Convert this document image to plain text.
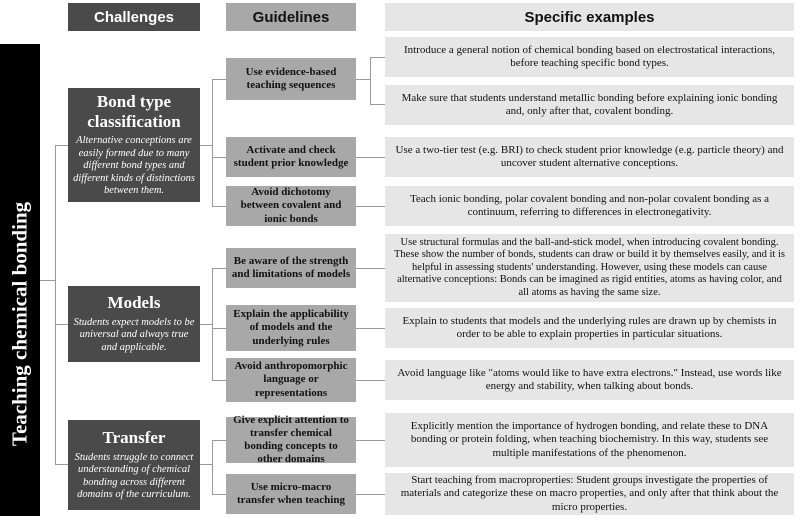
Challenges	Guidelines	Specific examples
Teaching chemical bonding
Bond type classification
Alternative conceptions are easily formed due to many different bond types and different kinds of distinctions between them.
Models
Students expect models to be universal and always true and applicable.
Transfer
Students struggle to connect understanding of chemical bonding across different domains of the curriculum.
Use evidence-based teaching sequences
Activate and check student prior knowledge
Avoid dichotomy between covalent and ionic bonds
Be aware of the strength and limitations of models
Explain the applicability of models and the underlying rules
Avoid anthropomorphic language or representations
Give explicit attention to transfer chemical bonding concepts to other domains
Use micro-macro transfer when teaching
Introduce a general notion of chemical bonding based on electrostatical interactions, before teaching specific bond types.
Make sure that students understand metallic bonding before explaining ionic bonding and, only after that, covalent bonding.
Use a two-tier test (e.g. BRI) to check student prior knowledge (e.g. particle theory) and uncover student alternative conceptions.
Teach ionic bonding, polar covalent bonding and non-polar covalent bonding as a continuum, referring to differences in electronegativity.
Use structural formulas and the ball-and-stick model, when introducing covalent bonding. These show the number of bonds, students can draw or build it by themselves easily, and it is helpful in assessing students' understanding. However, using these models can cause alternative conceptions: Bonds can be imagined as rigid entities, atoms as having color, and all atoms as having the same size.
Explain to students that models and the underlying rules are drawn up by chemists in order to be able to explain properties in particular situations.
Avoid language like "atoms would like to have extra electrons." Instead, use words like energy and stability, when talking about bonds.
Explicitly mention the importance of hydrogen bonding, and relate these to DNA bonding or protein folding, when teaching biochemistry. In this way, students see multiple manifestations of the phenomenon.
Start teaching from macroproperties: Student groups investigate the properties of materials and categorize these on macro properties, and only after that think about the micro properties.
